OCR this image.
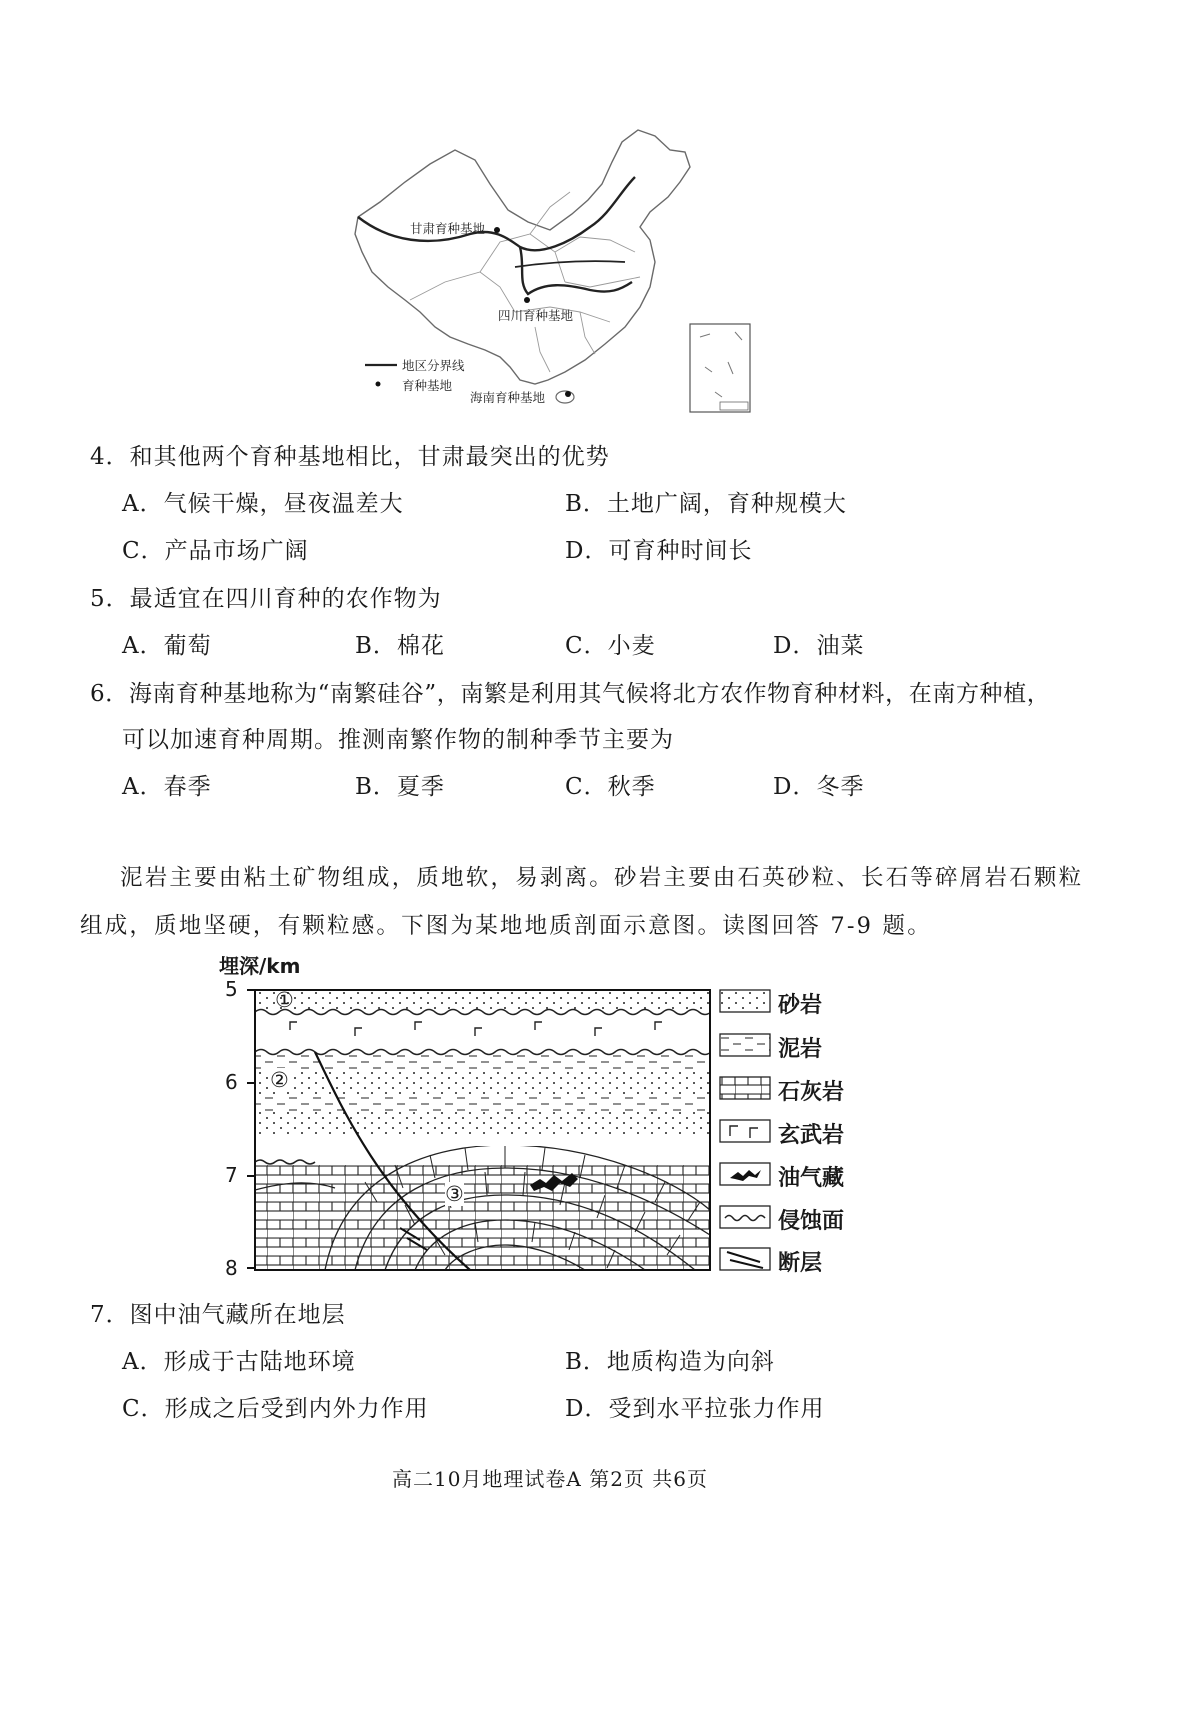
甘肃育种基地
四川育种基地
海南育种基地
地区分界线
育种基地
4．和其他两个育种基地相比，甘肃最突出的优势
A．气候干燥，昼夜温差大	B．土地广阔，育种规模大
C．产品市场广阔	D．可育种时间长
5．最适宜在四川育种的农作物为
A．葡萄	B．棉花	C．小麦	D．油菜
6．海南育种基地称为“南繁硅谷”，南繁是利用其气候将北方农作物育种材料，在南方种植，
可以加速育种周期。推测南繁作物的制种季节主要为
A．春季	B．夏季	C．秋季	D．冬季
泥岩主要由粘土矿物组成，质地软，易剥离。砂岩主要由石英砂粒、长石等碎屑岩石颗粒
组成，质地坚硬，有颗粒感。下图为某地地质剖面示意图。读图回答 7-9 题。
埋深/km
5
6
7
8
①
②
③
砂岩
泥岩
石灰岩
玄武岩
油气藏
侵蚀面
断层
7．图中油气藏所在地层
A．形成于古陆地环境	B．地质构造为向斜
C．形成之后受到内外力作用	D．受到水平拉张力作用
高二10月地理试卷A 第2页 共6页
